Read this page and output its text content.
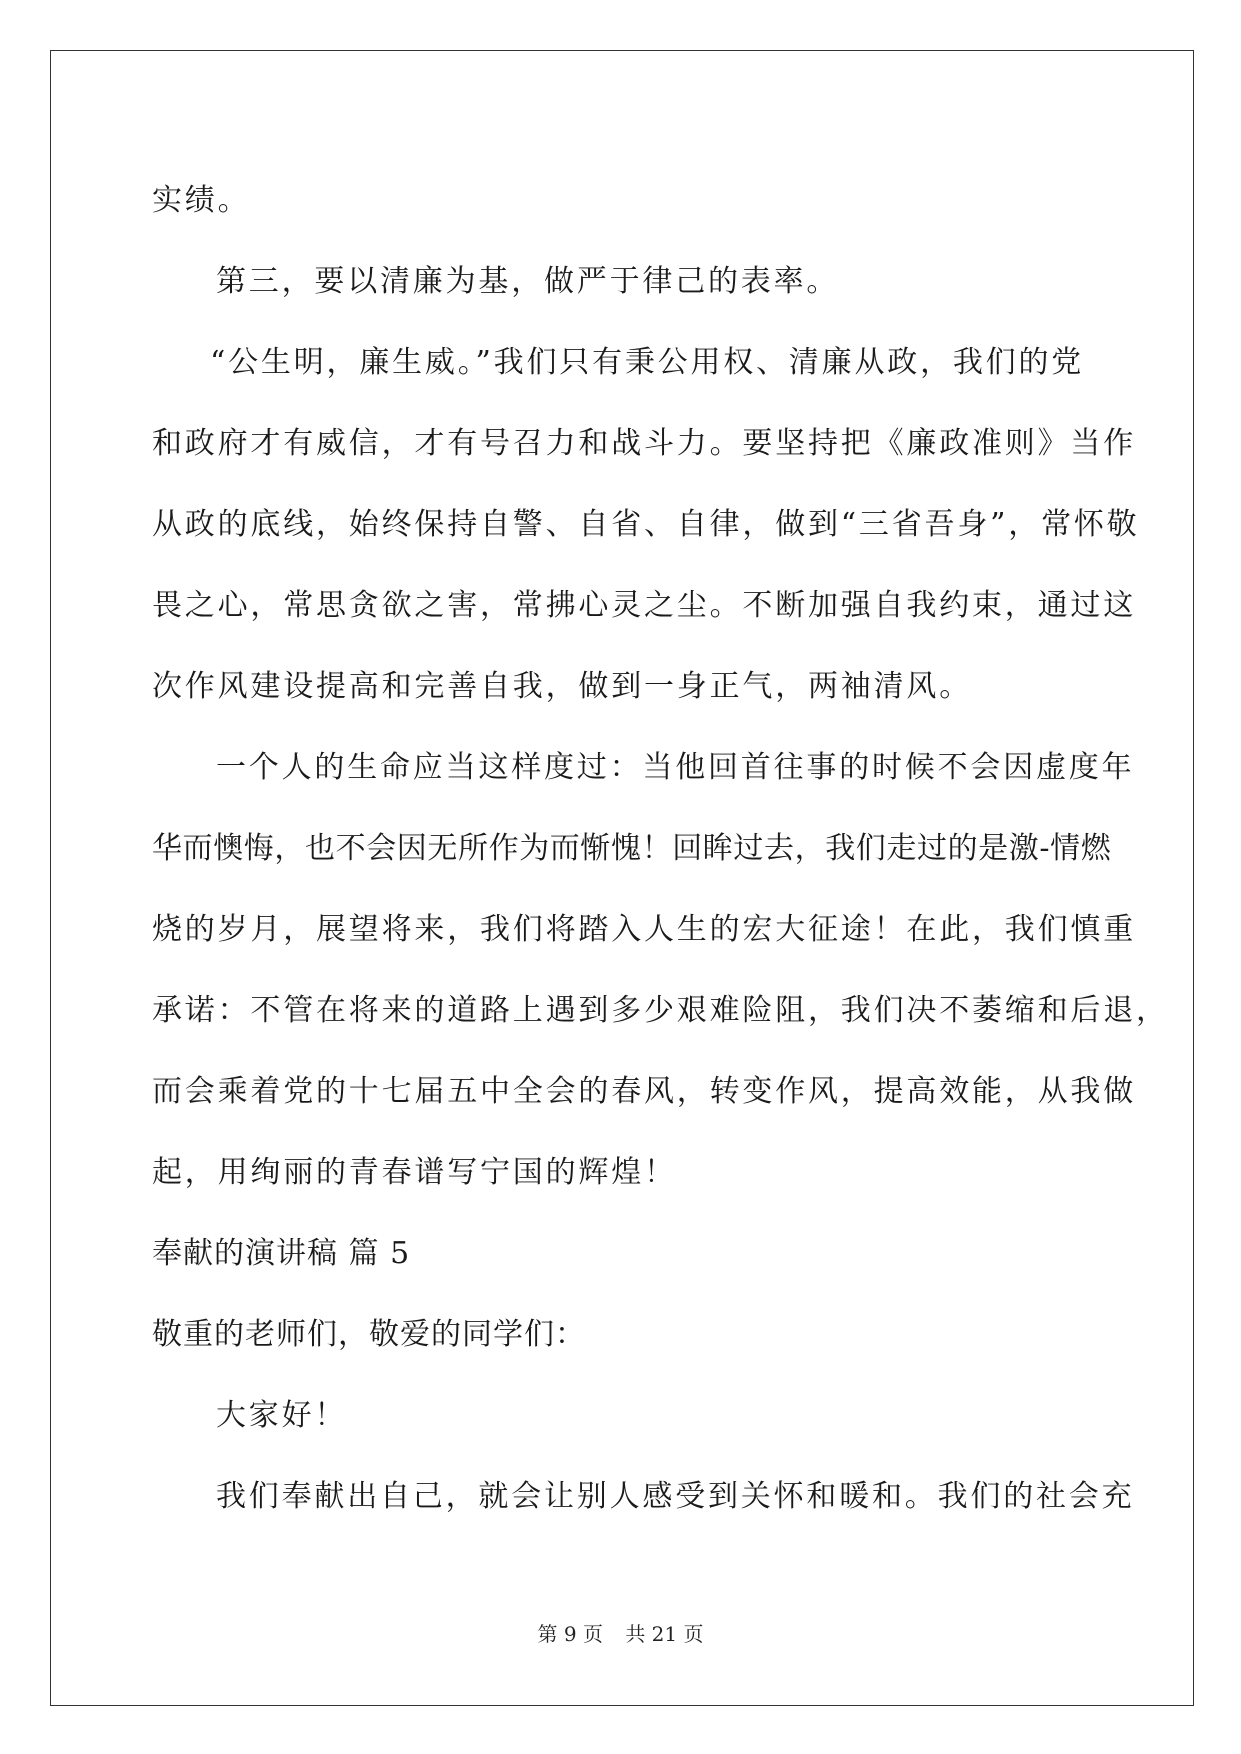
实绩。
第三，要以清廉为基，做严于律己的表率。
“公生明，廉生威。”我们只有秉公用权、清廉从政，我们的党
和政府才有威信，才有号召力和战斗力。要坚持把《廉政准则》当作
从政的底线，始终保持自警、自省、自律，做到“三省吾身”，常怀敬
畏之心，常思贪欲之害，常拂心灵之尘。不断加强自我约束，通过这
次作风建设提高和完善自我，做到一身正气，两袖清风。
一个人的生命应当这样度过：当他回首往事的时候不会因虚度年
华而懊悔，也不会因无所作为而惭愧！回眸过去，我们走过的是激-情燃
烧的岁月，展望将来，我们将踏入人生的宏大征途！在此，我们慎重
承诺：不管在将来的道路上遇到多少艰难险阻，我们决不萎缩和后退，
而会乘着党的十七届五中全会的春风，转变作风，提高效能，从我做
起，用绚丽的青春谱写宁国的辉煌！
奉献的演讲稿 篇 5
敬重的老师们，敬爱的同学们：
大家好！
我们奉献出自己，就会让别人感受到关怀和暖和。我们的社会充
第 9 页 共 21 页
